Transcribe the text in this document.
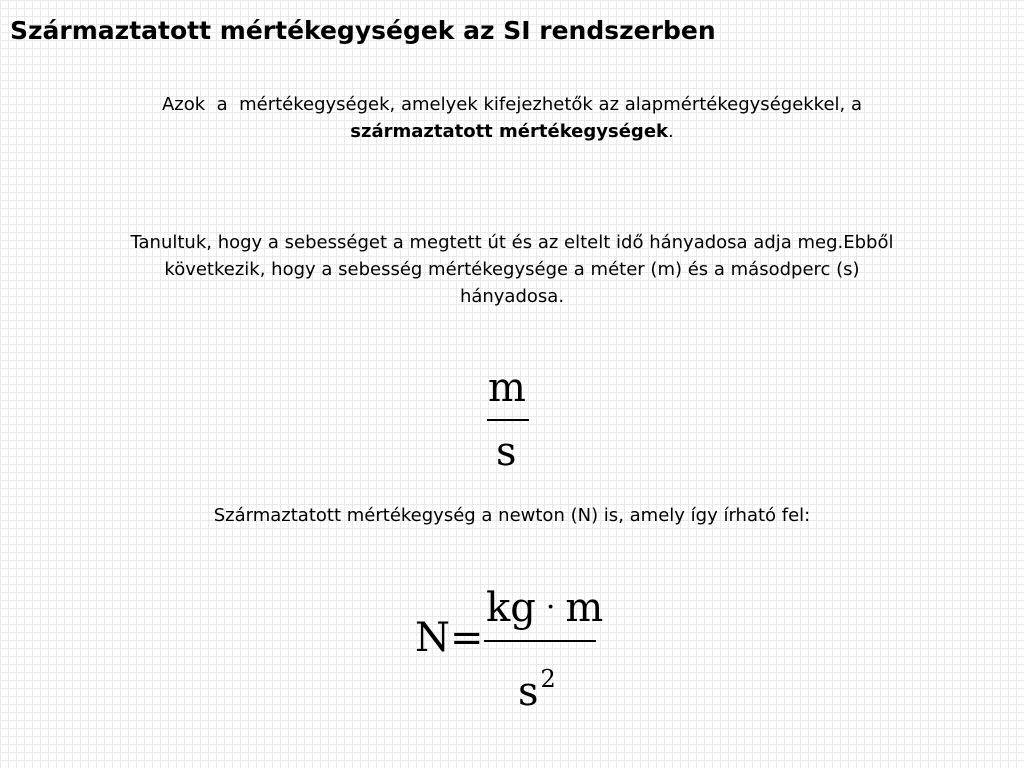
Származtatott mértékegységek az SI rendszerben
Azok  a  mértékegységek, amelyek kifejezhetők az alapmértékegységekkel, a
származtatott mértékegységek.
Tanultuk, hogy a sebességet a megtett út és az eltelt idő hányadosa adja meg.Ebből
következik, hogy a sebesség mértékegysége a méter (m) és a másodperc (s)
hányadosa.
m
s
Származtatott mértékegység a newton (N) is, amely így írható fel:
N=
kg · m
$s^2$
